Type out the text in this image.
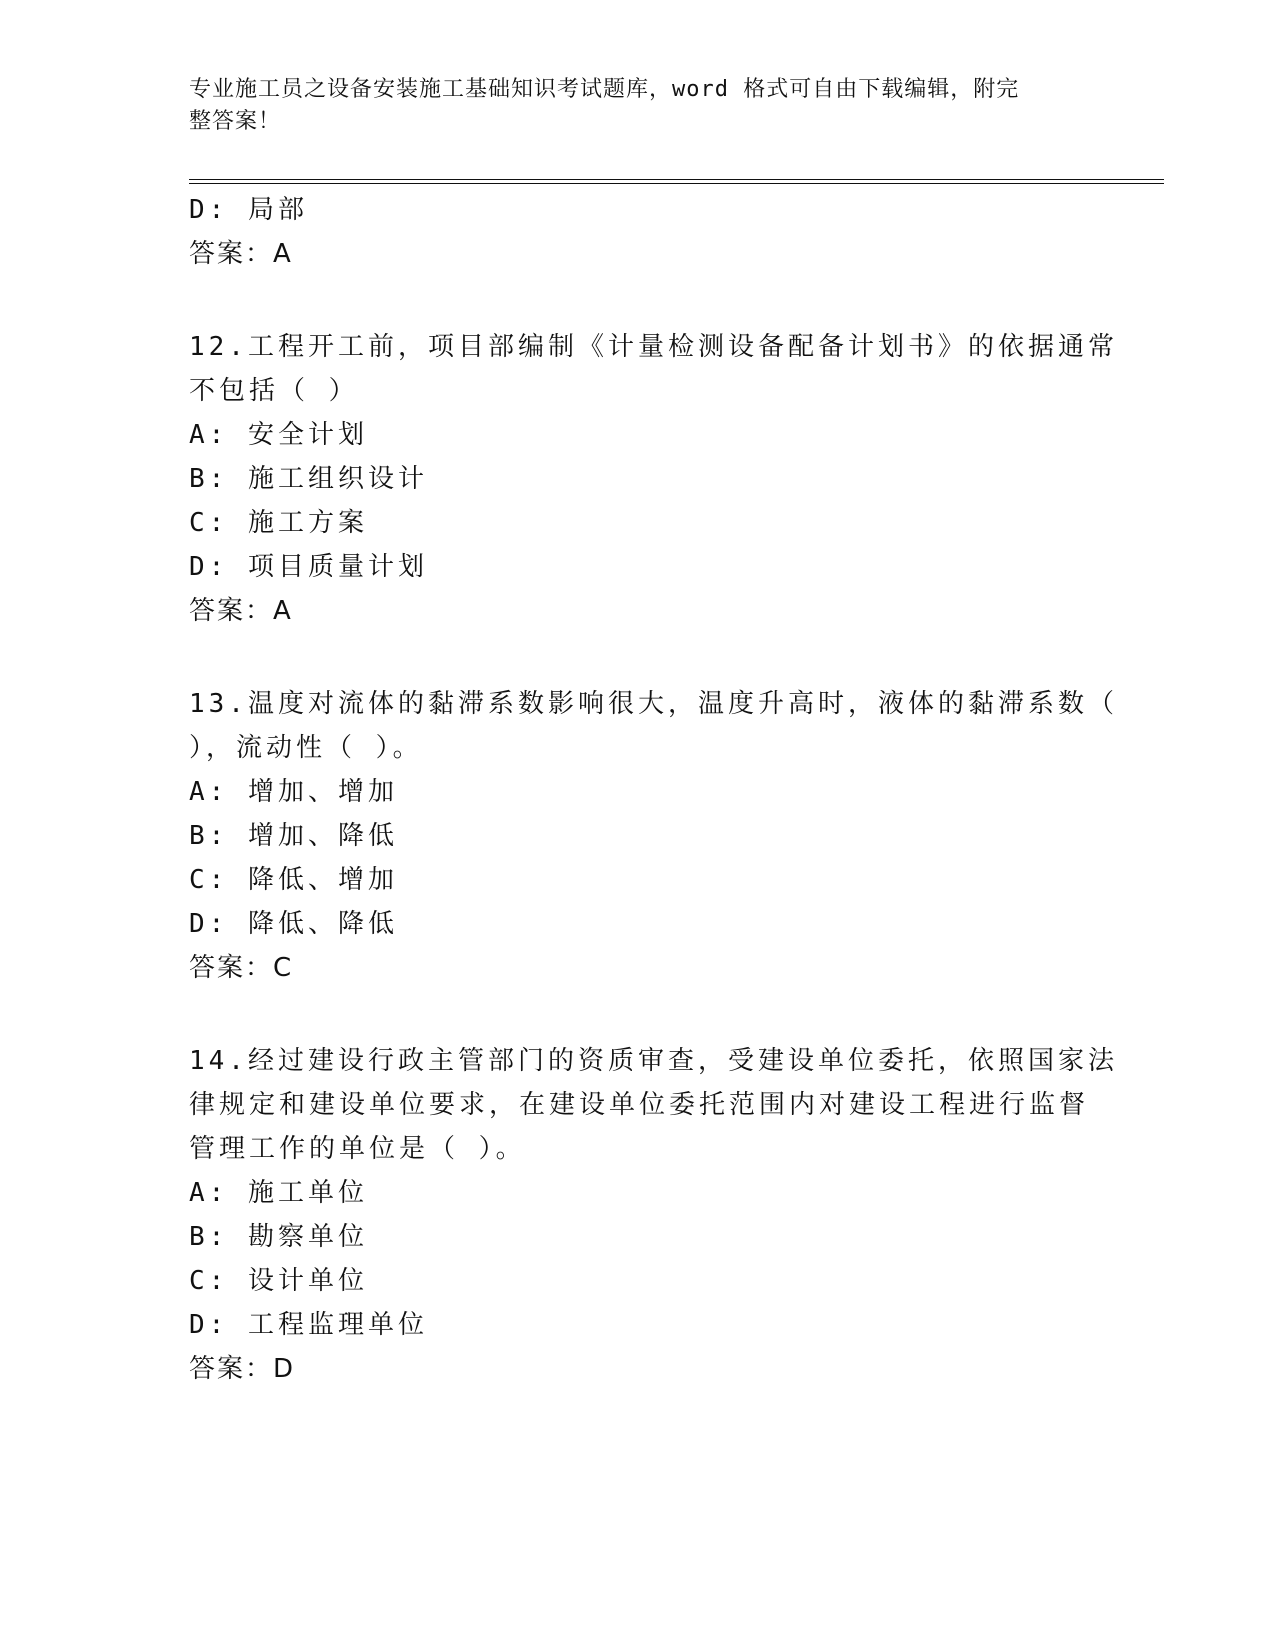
专业施工员之设备安装施工基础知识考试题库，word 格式可自由下载编辑，附完
整答案！
D: 局部
答案：A
12.工程开工前，项目部编制《计量检测设备配备计划书》的依据通常
不包括（ ）
A: 安全计划
B: 施工组织设计
C: 施工方案
D: 项目质量计划
答案：A
13.温度对流体的黏滞系数影响很大，温度升高时，液体的黏滞系数（
），流动性（ ）。
A: 增加、增加
B: 增加、降低
C: 降低、增加
D: 降低、降低
答案：C
14.经过建设行政主管部门的资质审查，受建设单位委托，依照国家法
律规定和建设单位要求，在建设单位委托范围内对建设工程进行监督
管理工作的单位是（ ）。
A: 施工单位
B: 勘察单位
C: 设计单位
D: 工程监理单位
答案：D
